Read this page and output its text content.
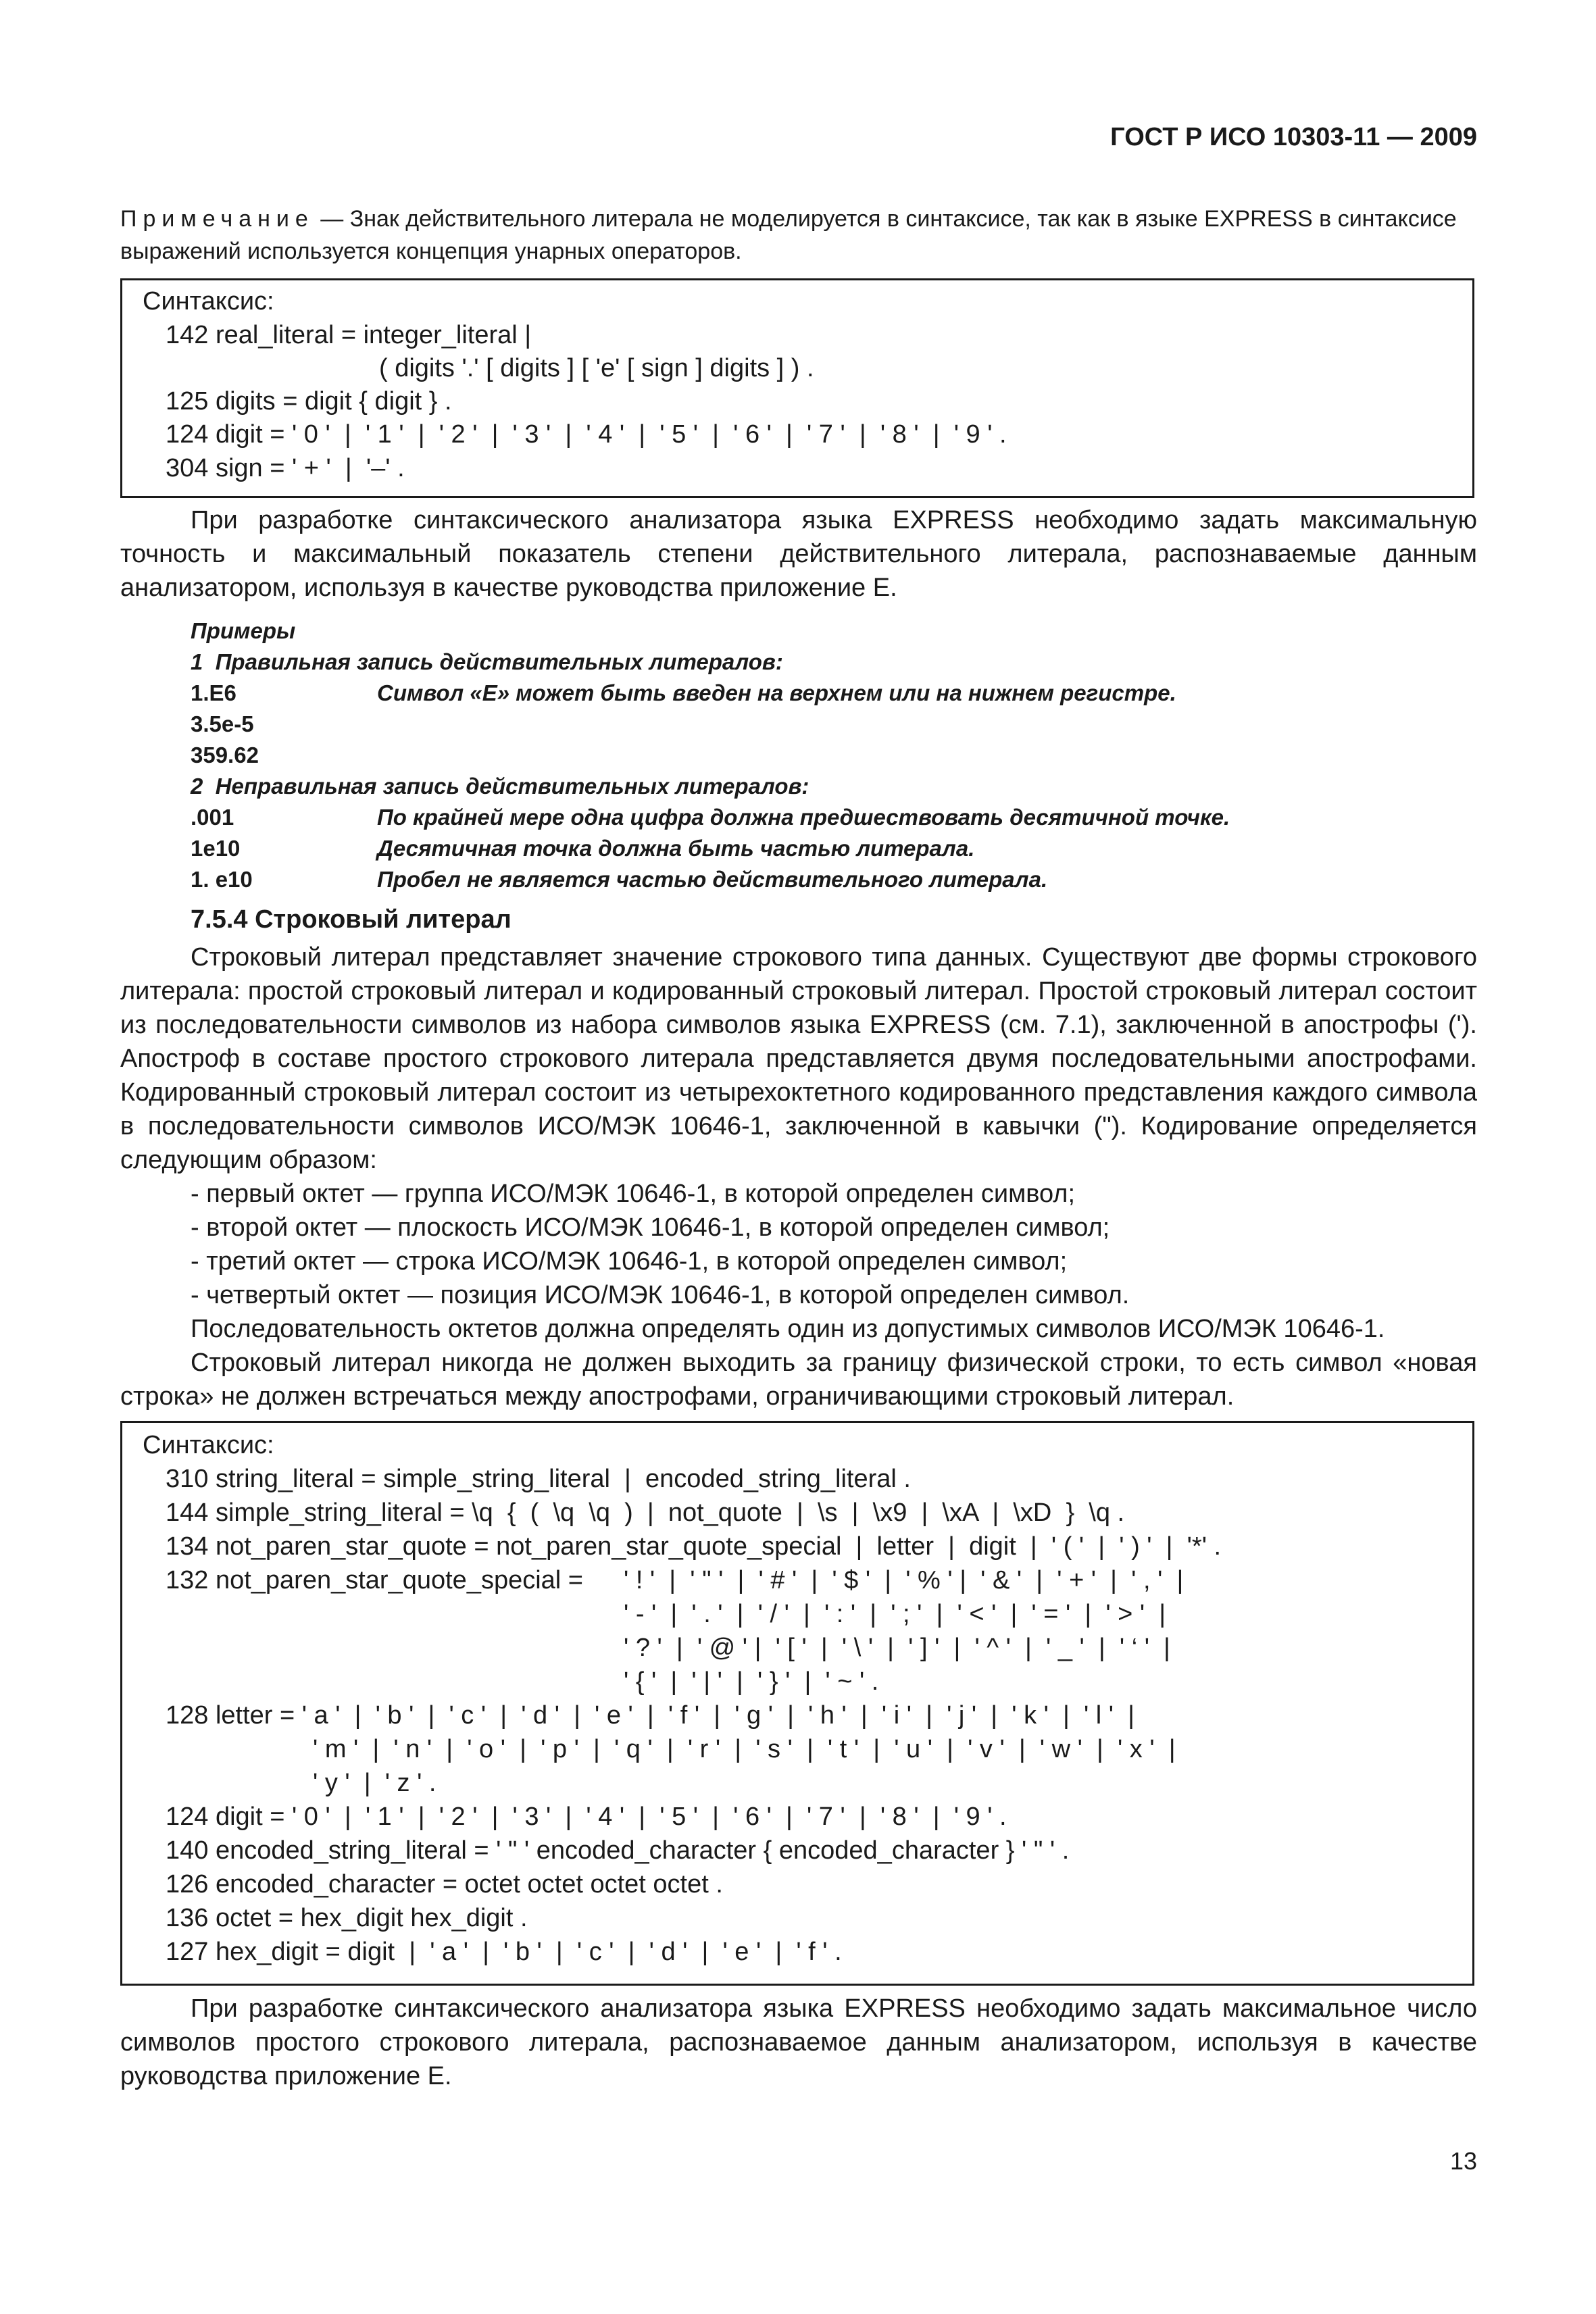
ГОСТ Р ИСО 10303-11 — 2009
Примечание — Знак действительного литерала не моделируется в синтаксисе, так как в языке EXPRESS в синтаксисе выражений используется концепция унарных операторов.
Синтаксис:
142 real_literal = integer_literal |
( digits '.' [ digits ] [ 'e' [ sign ] digits ] ) .
125 digits = digit { digit } .
124 digit = ' 0 '  |  ' 1 '  |  ' 2 '  |  ' 3 '  |  ' 4 '  |  ' 5 '  |  ' 6 '  |  ' 7 '  |  ' 8 '  |  ' 9 ' .
304 sign = ' + '  |  '–' .
При разработке синтаксического анализатора языка EXPRESS необходимо задать максимальную точность и максимальный показатель степени действительного литерала, распознаваемые данным анализатором, используя в качестве руководства приложение Е.
Примеры
1  Правильная запись действительных литералов:
1.E6	Символ «Е» может быть введен на верхнем или на нижнем регистре.
3.5e-5
359.62
2  Неправильная запись действительных литералов:
.001	По крайней мере одна цифра должна предшествовать десятичной точке.
1e10	Десятичная точка должна быть частью литерала.
1. e10	Пробел не является частью действительного литерала.
7.5.4 Строковый литерал
Строковый литерал представляет значение строкового типа данных. Существуют две формы строкового литерала: простой строковый литерал и кодированный строковый литерал. Простой строковый литерал состоит из последовательности символов из набора символов языка EXPRESS (см. 7.1), заключенной в апострофы ('). Апостроф в составе простого строкового литерала представляется двумя последовательными апострофами. Кодированный строковый литерал состоит из четырехоктетного кодированного представления каждого символа в последовательности символов ИСО/МЭК 10646-1, заключенной в кавычки ("). Кодирование определяется следующим образом:
- первый октет — группа ИСО/МЭК 10646-1, в которой определен символ;
- второй октет — плоскость ИСО/МЭК 10646-1, в которой определен символ;
- третий октет — строка ИСО/МЭК 10646-1, в которой определен символ;
- четвертый октет — позиция ИСО/МЭК 10646-1, в которой определен символ.
Последовательность октетов должна определять один из допустимых символов ИСО/МЭК 10646-1.
Строковый литерал никогда не должен выходить за границу физической строки, то есть символ «новая строка» не должен встречаться между апострофами, ограничивающими строковый литерал.
Синтаксис:
310 string_literal = simple_string_literal  |  encoded_string_literal .
144 simple_string_literal = \q  {  (  \q  \q  )  |  not_quote  |  \s  |  \x9  |  \xA  |  \xD  }  \q .
134 not_paren_star_quote = not_paren_star_quote_special  |  letter  |  digit  |  ' ( '  |  ' ) '  |  '*' .
132 not_paren_star_quote_special = ' ! '  |  ' " '  |  ' # '  |  ' $ '  |  ' % ' |  ' & '  |  ' + '  |  ' , '  |
' - '  |  ' . '  |  ' / '  |  ' : '  |  ' ; '  |  ' < '  |  ' = '  |  ' > '  |
' ? '  |  ' @ ' |  ' [ '  |  ' \ '  |  ' ] '  |  ' ^ '  |  ' _ '  |  ' ‘ '  |
' { '  |  ' | '  |  ' } '  |  ' ~ ' .
128 letter = ' a '  |  ' b '  |  ' c '  |  ' d '  |  ' e '  |  ' f '  |  ' g '  |  ' h '  |  ' i '  |  ' j '  |  ' k '  |  ' l '  |
' m '  |  ' n '  |  ' o '  |  ' p '  |  ' q '  |  ' r '  |  ' s '  |  ' t '  |  ' u '  |  ' v '  |  ' w '  |  ' x '  |
' y '  |  ' z ' .
124 digit = ' 0 '  |  ' 1 '  |  ' 2 '  |  ' 3 '  |  ' 4 '  |  ' 5 '  |  ' 6 '  |  ' 7 '  |  ' 8 '  |  ' 9 ' .
140 encoded_string_literal = ' " ' encoded_character { encoded_character } ' " ' .
126 encoded_character = octet octet octet octet .
136 octet = hex_digit hex_digit .
127 hex_digit = digit  |  ' a '  |  ' b '  |  ' c '  |  ' d '  |  ' e '  |  ' f ' .
При разработке синтаксического анализатора языка EXPRESS необходимо задать максимальное число символов простого строкового литерала, распознаваемое данным анализатором, используя в качестве руководства приложение Е.
13
